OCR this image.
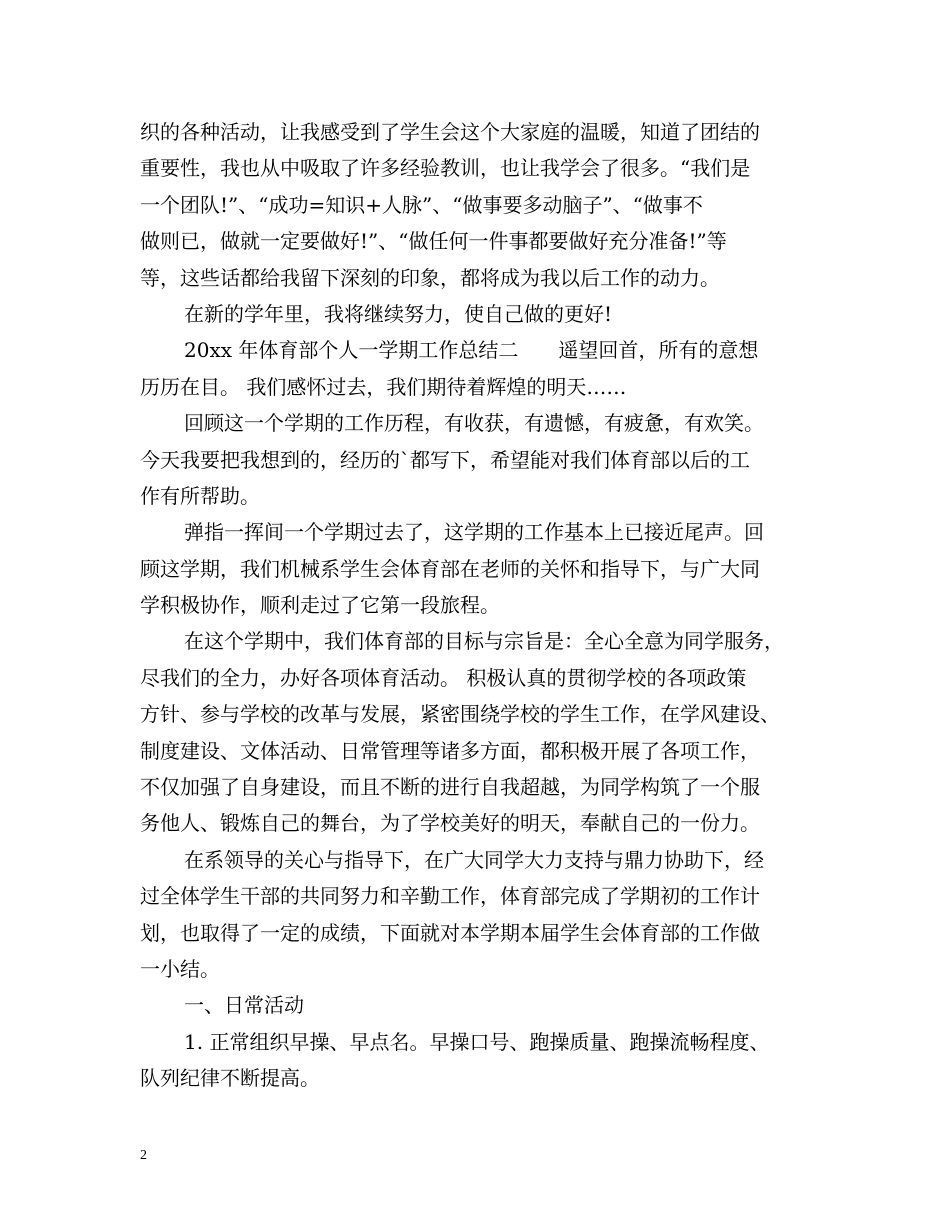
织的各种活动，让我感受到了学生会这个大家庭的温暖，知道了团结的
重要性，我也从中吸取了许多经验教训，也让我学会了很多。“我们是
一个团队!”、“成功=知识+人脉”、“做事要多动脑子”、“做事不
做则已，做就一定要做好!”、“做任何一件事都要做好充分准备!”等
等，这些话都给我留下深刻的印象，都将成为我以后工作的动力。
在新的学年里，我将继续努力，使自己做的更好!
20xx 年体育部个人一学期工作总结二　　遥望回首，所有的意想
历历在目。 我们感怀过去，我们期待着辉煌的明天……
回顾这一个学期的工作历程，有收获，有遗憾，有疲惫，有欢笑。
今天我要把我想到的，经历的`都写下，希望能对我们体育部以后的工
作有所帮助。
弹指一挥间一个学期过去了，这学期的工作基本上已接近尾声。回
顾这学期，我们机械系学生会体育部在老师的关怀和指导下，与广大同
学积极协作，顺利走过了它第一段旅程。
在这个学期中，我们体育部的目标与宗旨是：全心全意为同学服务，
尽我们的全力，办好各项体育活动。 积极认真的贯彻学校的各项政策
方针、参与学校的改革与发展，紧密围绕学校的学生工作，在学风建设、
制度建设、文体活动、日常管理等诸多方面，都积极开展了各项工作，
不仅加强了自身建设，而且不断的进行自我超越，为同学构筑了一个服
务他人、锻炼自己的舞台，为了学校美好的明天，奉献自己的一份力。
在系领导的关心与指导下，在广大同学大力支持与鼎力协助下，经
过全体学生干部的共同努力和辛勤工作，体育部完成了学期初的工作计
划，也取得了一定的成绩，下面就对本学期本届学生会体育部的工作做
一小结。
一、日常活动
1. 正常组织早操、早点名。早操口号、跑操质量、跑操流畅程度、
队列纪律不断提高。
2
